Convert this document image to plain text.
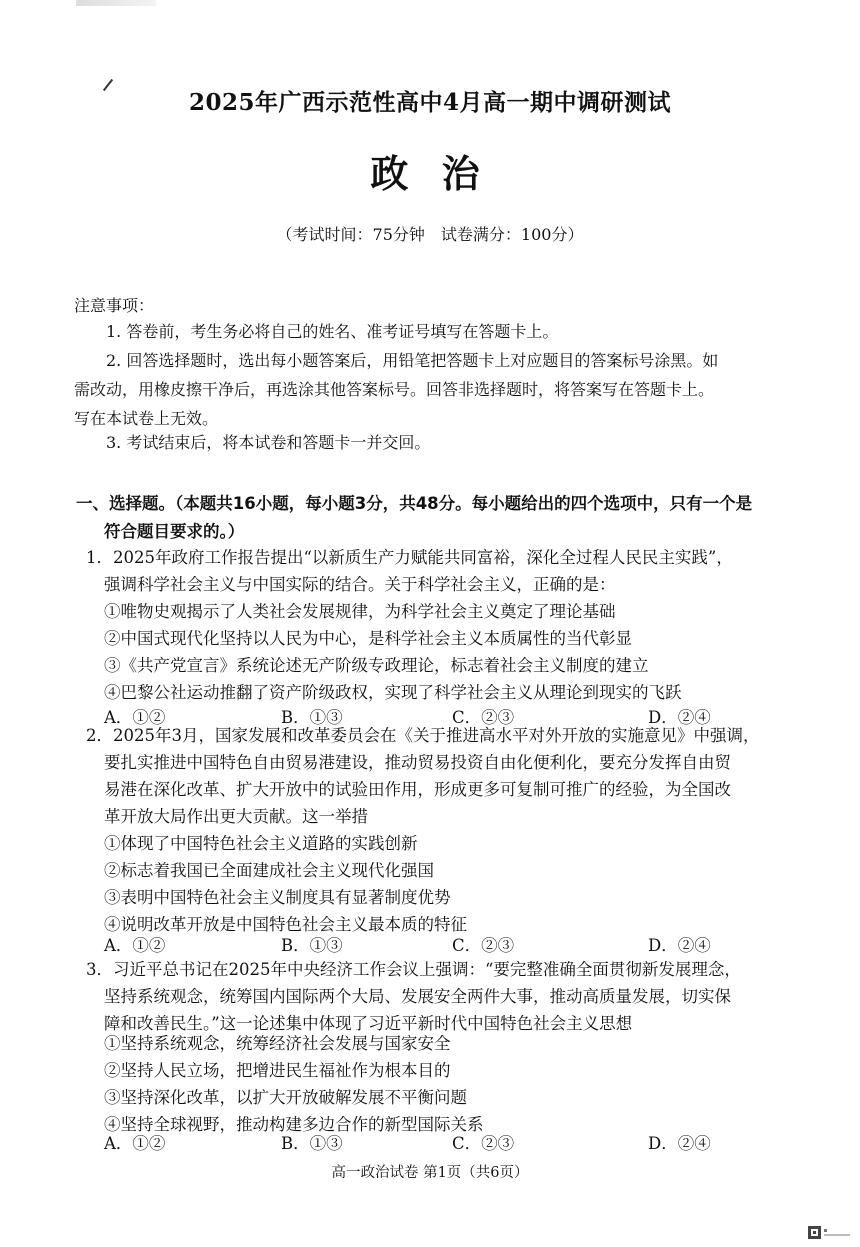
2025年广西示范性高中4月高一期中调研测试
政 治
（考试时间：75分钟　试卷满分：100分）
注意事项：
1. 答卷前，考生务必将自己的姓名、准考证号填写在答题卡上。
2. 回答选择题时，选出每小题答案后，用铅笔把答题卡上对应题目的答案标号涂黑。如
需改动，用橡皮擦干净后，再选涂其他答案标号。回答非选择题时，将答案写在答题卡上。
写在本试卷上无效。
3. 考试结束后，将本试卷和答题卡一并交回。
一、选择题。（本题共16小题，每小题3分，共48分。每小题给出的四个选项中，只有一个是
符合题目要求的。）
1．2025年政府工作报告提出“以新质生产力赋能共同富裕，深化全过程人民民主实践”，
强调科学社会主义与中国实际的结合。关于科学社会主义，正确的是：
①唯物史观揭示了人类社会发展规律，为科学社会主义奠定了理论基础
②中国式现代化坚持以人民为中心，是科学社会主义本质属性的当代彰显
③《共产党宣言》系统论述无产阶级专政理论，标志着社会主义制度的建立
④巴黎公社运动推翻了资产阶级政权，实现了科学社会主义从理论到现实的飞跃
A．①②	B．①③	C．②③	D．②④
2．2025年3月，国家发展和改革委员会在《关于推进高水平对外开放的实施意见》中强调，
要扎实推进中国特色自由贸易港建设，推动贸易投资自由化便利化，要充分发挥自由贸
易港在深化改革、扩大开放中的试验田作用，形成更多可复制可推广的经验，为全国改
革开放大局作出更大贡献。这一举措
①体现了中国特色社会主义道路的实践创新
②标志着我国已全面建成社会主义现代化强国
③表明中国特色社会主义制度具有显著制度优势
④说明改革开放是中国特色社会主义最本质的特征
A．①②	B．①③	C．②③	D．②④
3．习近平总书记在2025年中央经济工作会议上强调：“要完整准确全面贯彻新发展理念，
坚持系统观念，统筹国内国际两个大局、发展安全两件大事，推动高质量发展，切实保
障和改善民生。”这一论述集中体现了习近平新时代中国特色社会主义思想
①坚持系统观念，统筹经济社会发展与国家安全
②坚持人民立场，把增进民生福祉作为根本目的
③坚持深化改革，以扩大开放破解发展不平衡问题
④坚持全球视野，推动构建多边合作的新型国际关系
A．①②	B．①③	C．②③	D．②④
高一政治试卷 第1页（共6页）
